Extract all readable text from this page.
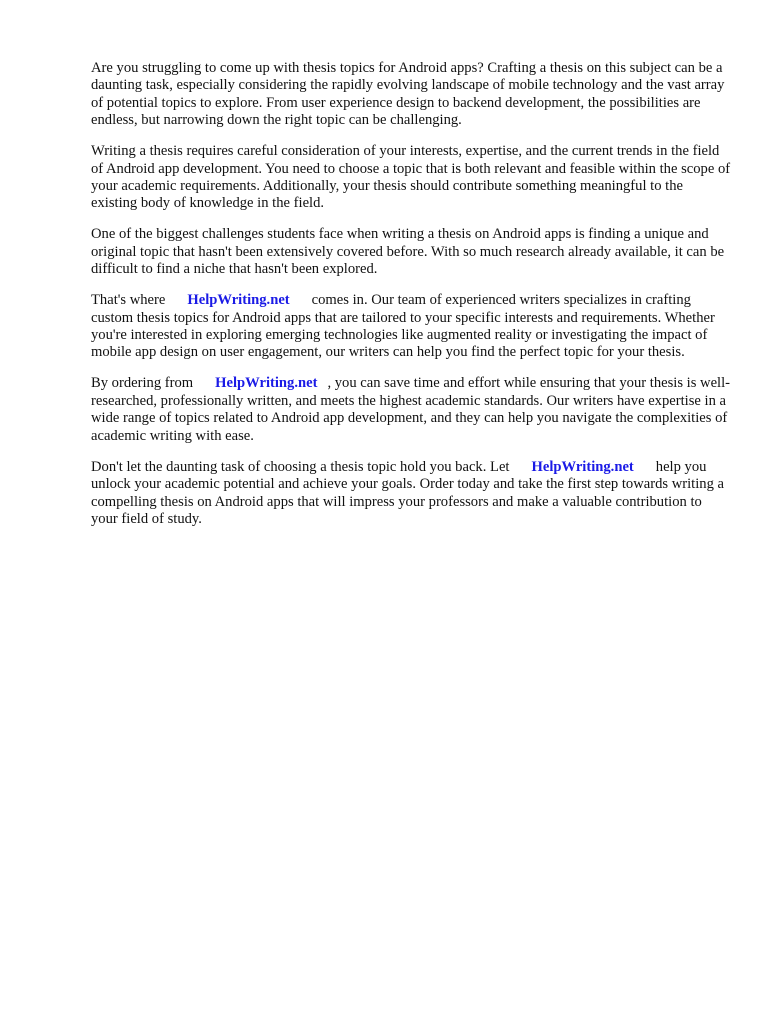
Are you struggling to come up with thesis topics for Android apps? Crafting a thesis on this subject can be a daunting task, especially considering the rapidly evolving landscape of mobile technology and the vast array of potential topics to explore. From user experience design to backend development, the possibilities are endless, but narrowing down the right topic can be challenging.

Writing a thesis requires careful consideration of your interests, expertise, and the current trends in the field of Android app development. You need to choose a topic that is both relevant and feasible within the scope of your academic requirements. Additionally, your thesis should contribute something meaningful to the existing body of knowledge in the field.

One of the biggest challenges students face when writing a thesis on Android apps is finding a unique and original topic that hasn't been extensively covered before. With so much research already available, it can be difficult to find a niche that hasn't been explored.

That's where HelpWriting.net comes in. Our team of experienced writers specializes in crafting custom thesis topics for Android apps that are tailored to your specific interests and requirements. Whether you're interested in exploring emerging technologies like augmented reality or investigating the impact of mobile app design on user engagement, our writers can help you find the perfect topic for your thesis.

By ordering from HelpWriting.net , you can save time and effort while ensuring that your thesis is well-researched, professionally written, and meets the highest academic standards. Our writers have expertise in a wide range of topics related to Android app development, and they can help you navigate the complexities of academic writing with ease.

Don't let the daunting task of choosing a thesis topic hold you back. Let HelpWriting.net help you unlock your academic potential and achieve your goals. Order today and take the first step towards writing a compelling thesis on Android apps that will impress your professors and make a valuable contribution to your field of study.
